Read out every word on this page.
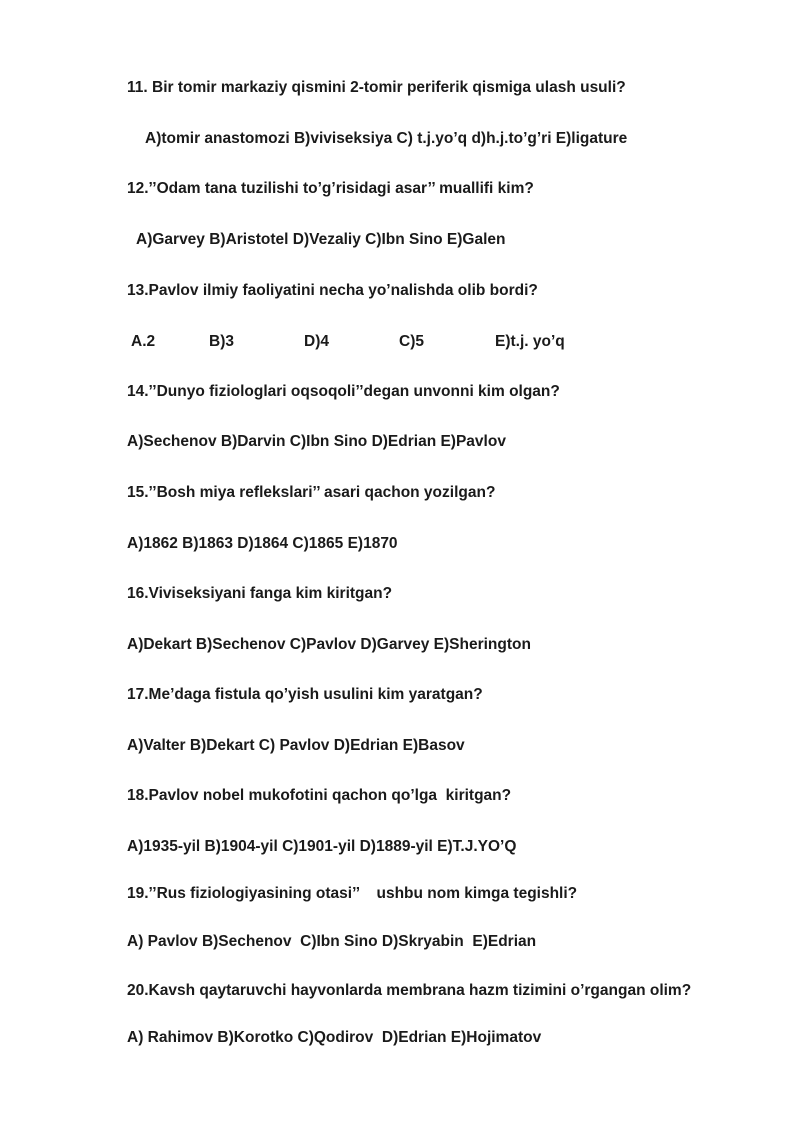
11. Bir tomir markaziy qismini 2-tomir periferik qismiga ulash usuli?
A)tomir anastomozi B)viviseksiya C) t.j.yo’q d)h.j.to’g’ri E)ligature
12.’’Odam tana tuzilishi to’g’risidagi asar’’ muallifi kim?
A)Garvey B)Aristotel D)Vezaliy C)Ibn Sino E)Galen
13.Pavlov ilmiy faoliyatini necha yo’nalishda olib bordi?

A.2

	B)3

	D)4

	C)5

	E)t.j. yo’q

14.’’Dunyo fiziologlari oqsoqoli’’degan unvonni kim olgan?
A)Sechenov B)Darvin C)Ibn Sino D)Edrian E)Pavlov
15.’’Bosh miya reflekslari’’ asari qachon yozilgan?
A)1862 B)1863 D)1864 C)1865 E)1870
16.Viviseksiyani fanga kim kiritgan?
A)Dekart B)Sechenov C)Pavlov D)Garvey E)Sherington
17.Me’daga fistula qo’yish usulini kim yaratgan?
A)Valter B)Dekart C) Pavlov D)Edrian E)Basov
18.Pavlov nobel mukofotini qachon qo’lga  kiritgan?
A)1935-yil B)1904-yil C)1901-yil D)1889-yil E)T.J.YO’Q
19.’’Rus fiziologiyasining otasi’’    ushbu nom kimga tegishli?
A) Pavlov B)Sechenov  C)Ibn Sino D)Skryabin  E)Edrian
20.Kavsh qaytaruvchi hayvonlarda membrana hazm tizimini o’rgangan olim?
A) Rahimov B)Korotko C)Qodirov  D)Edrian E)Hojimatov
